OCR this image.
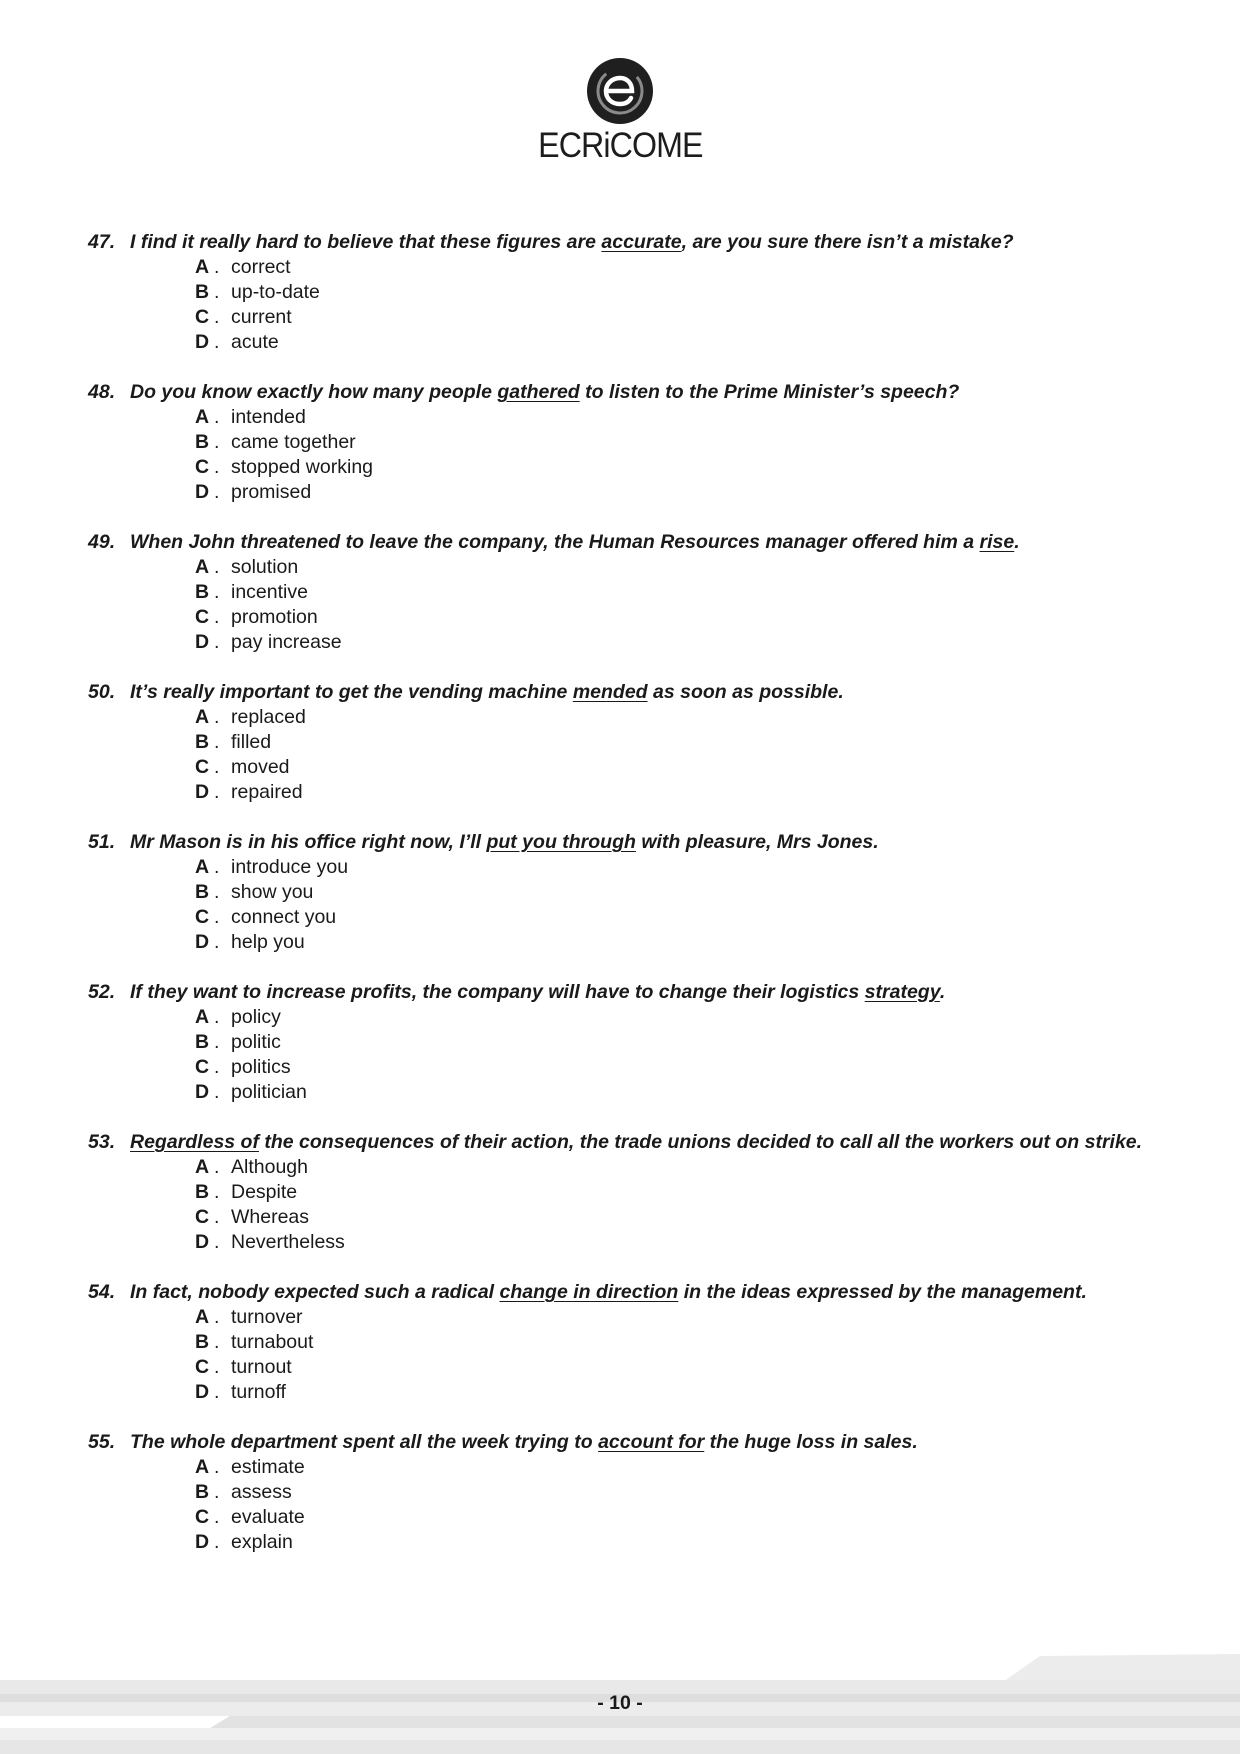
ECRiCOME
47. I find it really hard to believe that these figures are accurate, are you sure there isn’t a mistake?
A . correct
B . up-to-date
C . current
D . acute
48. Do you know exactly how many people gathered to listen to the Prime Minister’s speech?
A . intended
B . came together
C . stopped working
D . promised
49. When John threatened to leave the company, the Human Resources manager offered him a rise.
A . solution
B . incentive
C . promotion
D . pay increase
50. It’s really important to get the vending machine mended as soon as possible.
A . replaced
B . filled
C . moved
D . repaired
51. Mr Mason is in his office right now, I’ll put you through with pleasure, Mrs Jones.
A . introduce you
B . show you
C . connect you
D . help you
52. If they want to increase profits, the company will have to change their logistics strategy.
A . policy
B . politic
C . politics
D . politician
53. Regardless of the consequences of their action, the trade unions decided to call all the workers out on strike.
A . Although
B . Despite
C . Whereas
D . Nevertheless
54. In fact, nobody expected such a radical change in direction in the ideas expressed by the management.
A . turnover
B . turnabout
C . turnout
D . turnoff
55. The whole department spent all the week trying to account for the huge loss in sales.
A . estimate
B . assess
C . evaluate
D . explain
- 10 -
